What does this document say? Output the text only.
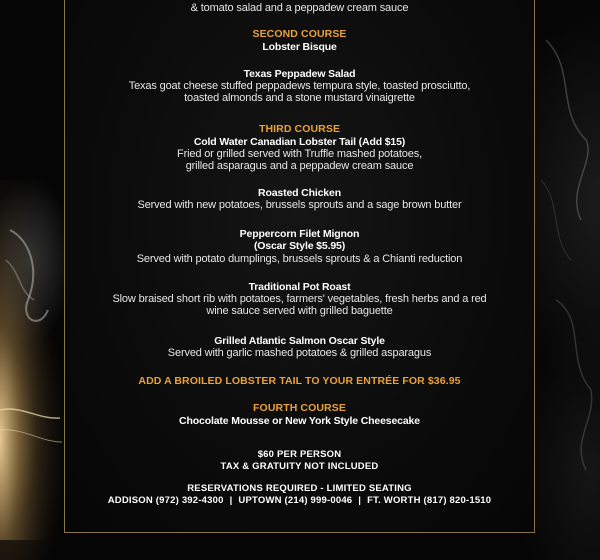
& tomato salad and a peppadew cream sauce
SECOND COURSE
Lobster Bisque
Texas Peppadew Salad
Texas goat cheese stuffed peppadews tempura style, toasted prosciutto,
toasted almonds and a stone mustard vinaigrette
THIRD COURSE
Cold Water Canadian Lobster Tail (Add $15)
Fried or grilled served with Truffle mashed potatoes,
grilled asparagus and a peppadew cream sauce
Roasted Chicken
Served with new potatoes, brussels sprouts and a sage brown butter
Peppercorn Filet Mignon
(Oscar Style $5.95)
Served with potato dumplings, brussels sprouts & a Chianti reduction
Traditional Pot Roast
Slow braised short rib with potatoes, farmers' vegetables, fresh herbs and a red
wine sauce served with grilled baguette
Grilled Atlantic Salmon Oscar Style
Served with garlic mashed potatoes & grilled asparagus
ADD A BROILED LOBSTER TAIL TO YOUR ENTRÉE FOR $36.95
FOURTH COURSE
Chocolate Mousse or New York Style Cheesecake
$60 PER PERSON
TAX & GRATUITY NOT INCLUDED
RESERVATIONS REQUIRED - LIMITED SEATING
ADDISON (972) 392-4300 | UPTOWN (214) 999-0046 | FT. WORTH (817) 820-1510
